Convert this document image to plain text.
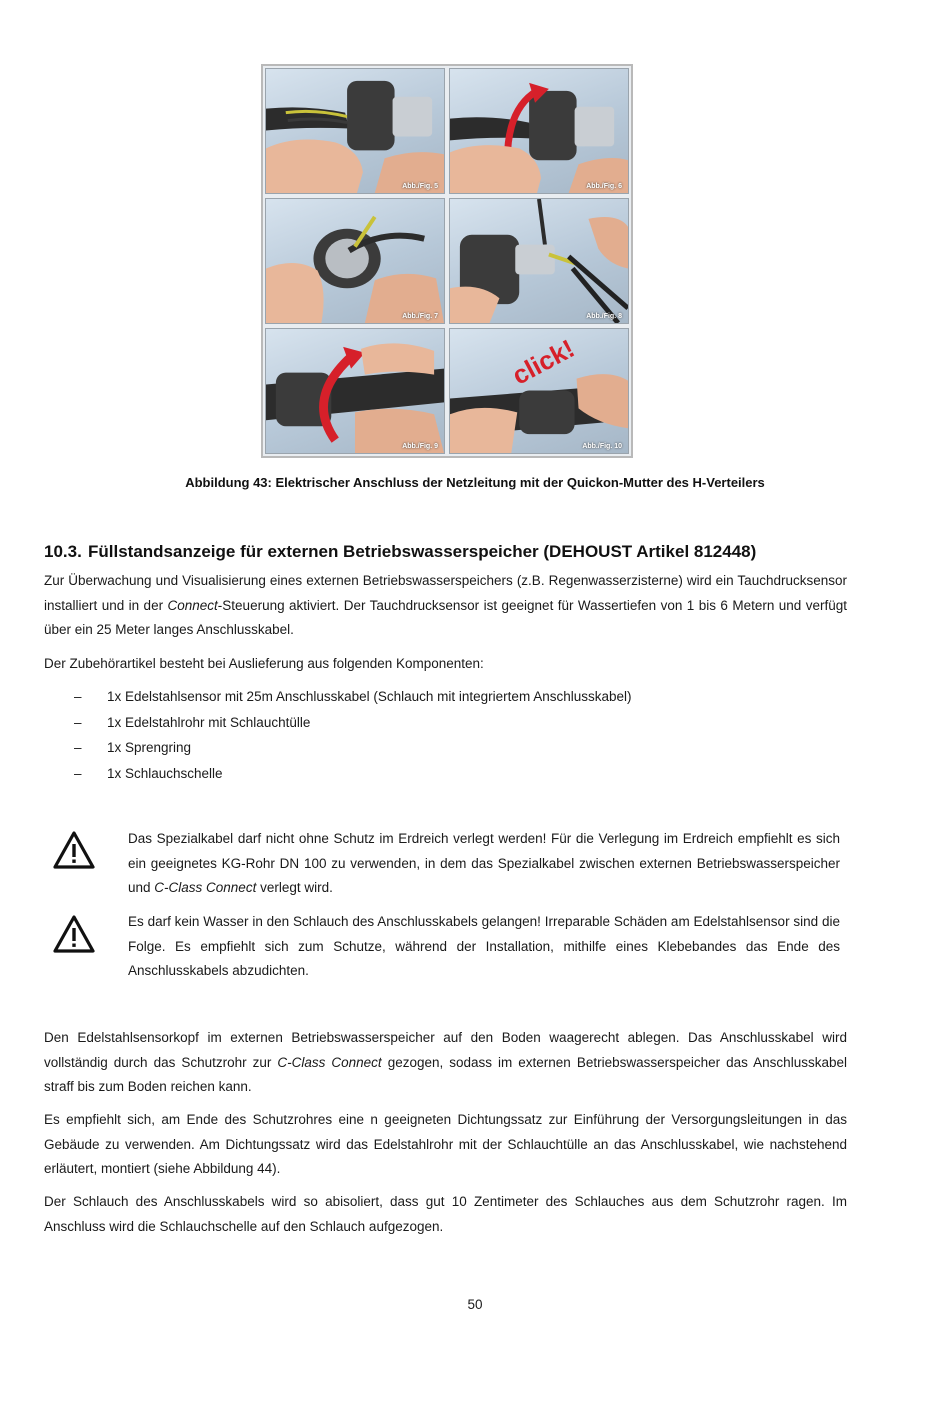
Abb./Fig. 5	Abb./Fig. 6
Abb./Fig. 7	Abb./Fig. 8
Abb./Fig. 9
click!
Abb./Fig. 10
Abbildung 43: Elektrischer Anschluss der Netzleitung mit der Quickon-Mutter des H-Verteilers
10.3. Füllstandsanzeige für externen Betriebswasserspeicher (DEHOUST Artikel 812448)

Zur Überwachung und Visualisierung eines externen Betriebswasserspeichers (z.B. Regenwasserzisterne) wird ein Tauchdrucksensor installiert und in der Connect-Steuerung aktiviert. Der Tauchdrucksensor ist geeignet für Wassertiefen von 1 bis 6 Metern und verfügt über ein 25 Meter langes Anschlusskabel.

Der Zubehörartikel besteht bei Auslieferung aus folgenden Komponenten:

– 1x Edelstahlsensor mit 25m Anschlusskabel (Schlauch mit integriertem Anschlusskabel)
– 1x Edelstahlrohr mit Schlauchtülle
– 1x Sprengring
– 1x Schlauchschelle

Das Spezialkabel darf nicht ohne Schutz im Erdreich verlegt werden! Für die Verlegung im Erdreich empfiehlt es sich ein geeignetes KG-Rohr DN 100 zu verwenden, in dem das Spezialkabel zwischen externen Betriebswasserspeicher und C-Class Connect verlegt wird.

Es darf kein Wasser in den Schlauch des Anschlusskabels gelangen! Irreparable Schäden am Edelstahlsensor sind die Folge. Es empfiehlt sich zum Schutze, während der Installation, mithilfe eines Klebebandes das Ende des Anschlusskabels abzudichten.

Den Edelstahlsensorkopf im externen Betriebswasserspeicher auf den Boden waagerecht ablegen. Das Anschlusskabel wird vollständig durch das Schutzrohr zur C-Class Connect gezogen, sodass im externen Betriebswasserspeicher das Anschlusskabel straff bis zum Boden reichen kann.

Es empfiehlt sich, am Ende des Schutzrohres eine n geeigneten Dichtungssatz zur Einführung der Versorgungsleitungen in das Gebäude zu verwenden. Am Dichtungssatz wird das Edelstahlrohr mit der Schlauchtülle an das Anschlusskabel, wie nachstehend erläutert, montiert (siehe Abbildung 44).

Der Schlauch des Anschlusskabels wird so abisoliert, dass gut 10 Zentimeter des Schlauches aus dem Schutzrohr ragen. Im Anschluss wird die Schlauchschelle auf den Schlauch aufgezogen.

50
